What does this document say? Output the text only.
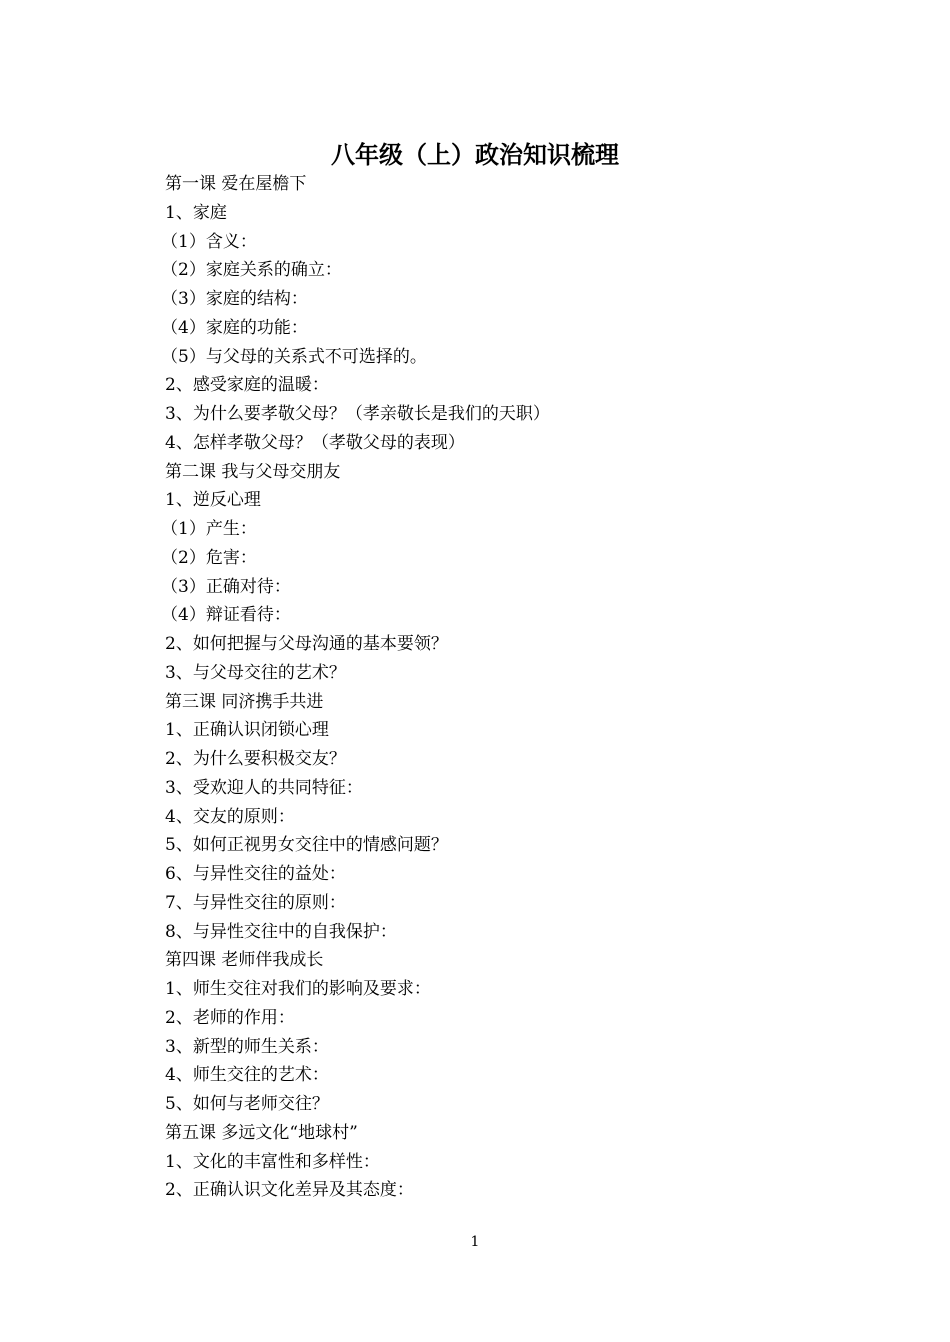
八年级（上）政治知识梳理
第一课 爱在屋檐下
1、家庭
（1）含义：
（2）家庭关系的确立：
（3）家庭的结构：
（4）家庭的功能：
（5）与父母的关系式不可选择的。
2、感受家庭的温暖：
3、为什么要孝敬父母？（孝亲敬长是我们的天职）
4、怎样孝敬父母？（孝敬父母的表现）
第二课 我与父母交朋友
1、逆反心理
（1）产生：
（2）危害：
（3）正确对待：
（4）辩证看待：
2、如何把握与父母沟通的基本要领？
3、与父母交往的艺术？
第三课 同济携手共进
1、正确认识闭锁心理
2、为什么要积极交友？
3、受欢迎人的共同特征：
4、交友的原则：
5、如何正视男女交往中的情感问题？
6、与异性交往的益处：
7、与异性交往的原则：
8、与异性交往中的自我保护：
第四课 老师伴我成长
1、师生交往对我们的影响及要求：
2、老师的作用：
3、新型的师生关系：
4、师生交往的艺术：
5、如何与老师交往？
第五课 多远文化“地球村”
1、文化的丰富性和多样性：
2、正确认识文化差异及其态度：
1
